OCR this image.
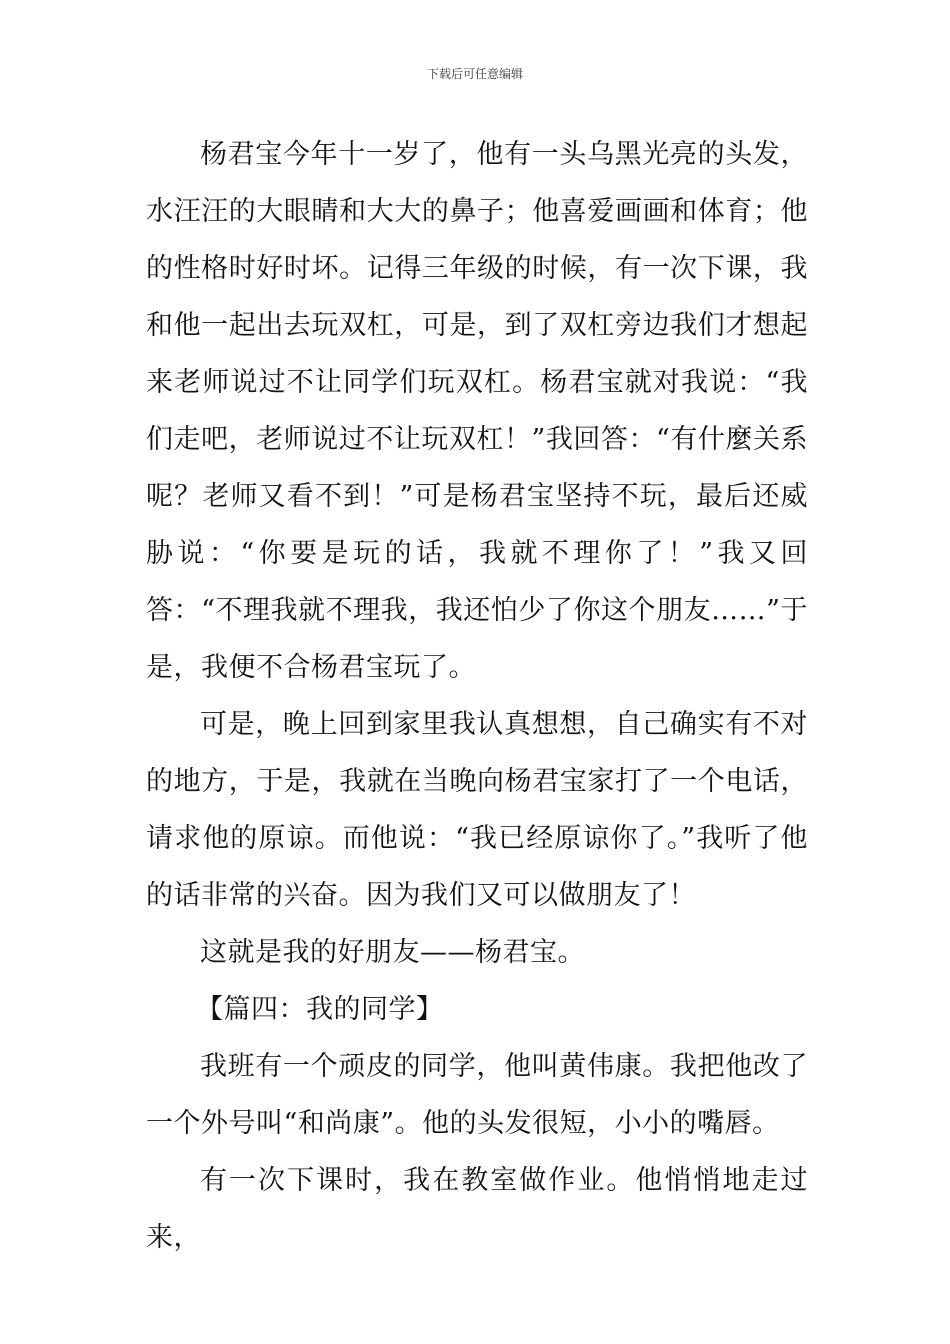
下载后可任意编辑

杨君宝今年十一岁了，他有一头乌黑光亮的头发，水汪汪的大眼睛和大大的鼻子；他喜爱画画和体育；他的性格时好时坏。记得三年级的时候，有一次下课，我和他一起出去玩双杠，可是，到了双杠旁边我们才想起来老师说过不让同学们玩双杠。杨君宝就对我说：“我们走吧，老师说过不让玩双杠！”我回答：“有什麼关系呢？老师又看不到！”可是杨君宝坚持不玩，最后还威胁说：“你要是玩的话，我就不理你了！”我又回答：“不理我就不理我，我还怕少了你这个朋友……”于是，我便不合杨君宝玩了。

可是，晚上回到家里我认真想想，自己确实有不对的地方，于是，我就在当晚向杨君宝家打了一个电话，请求他的原谅。而他说：“我已经原谅你了。”我听了他的话非常的兴奋。因为我们又可以做朋友了！

这就是我的好朋友——杨君宝。

【篇四：我的同学】

我班有一个顽皮的同学，他叫黄伟康。我把他改了一个外号叫“和尚康”。他的头发很短，小小的嘴唇。

有一次下课时，我在教室做作业。他悄悄地走过来，
